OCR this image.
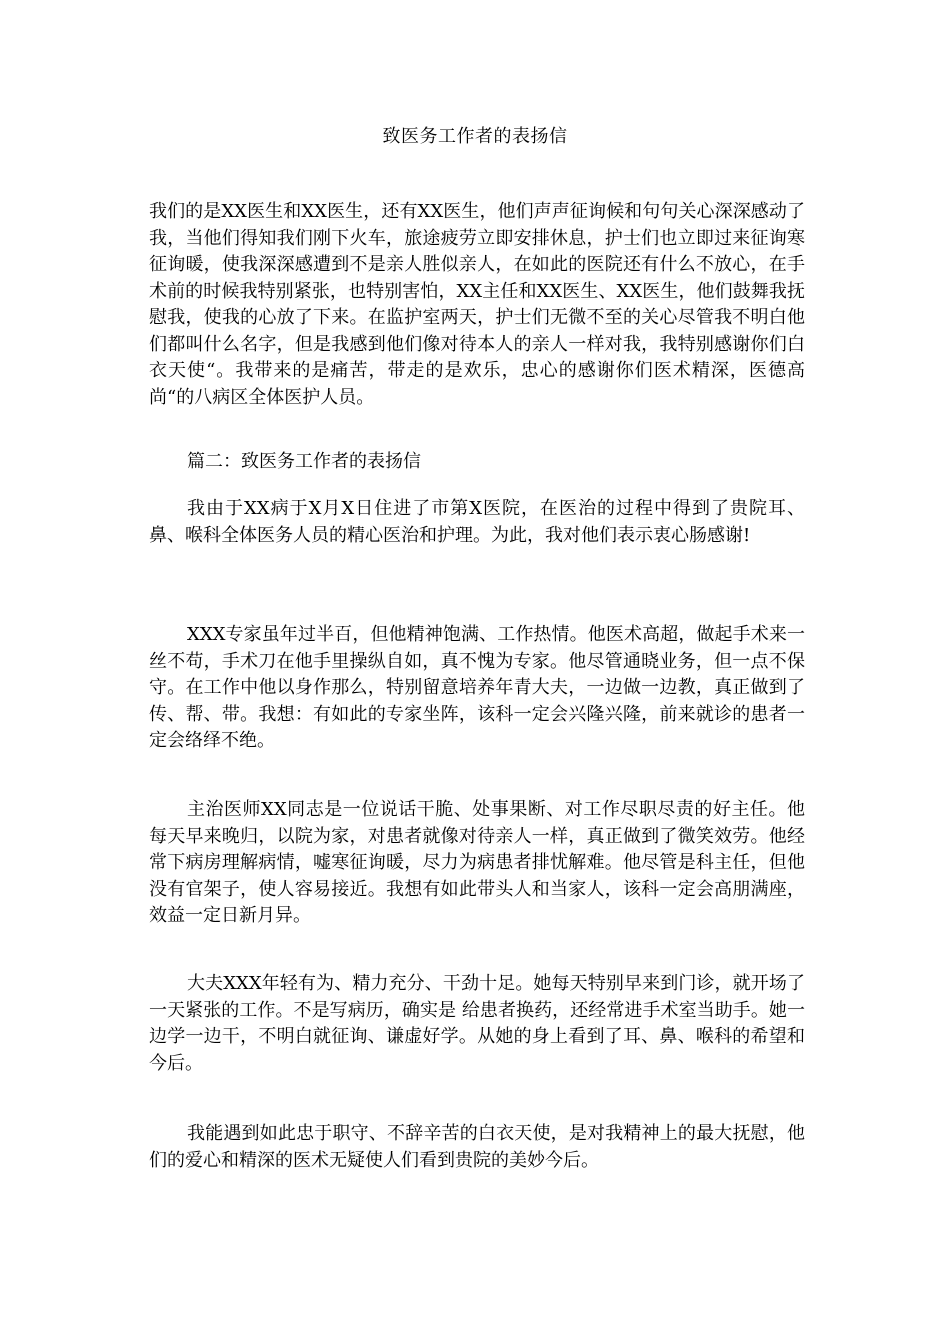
致医务工作者的表扬信

我们的是XX医生和XX医生，还有XX医生，他们声声征询候和句句关心深深感动了我，当他们得知我们刚下火车，旅途疲劳立即安排休息，护士们也立即过来征询寒征询暖，使我深深感遭到不是亲人胜似亲人，在如此的医院还有什么不放心，在手术前的时候我特别紧张，也特别害怕，XX主任和XX医生、XX医生，他们鼓舞我抚慰我，使我的心放了下来。在监护室两天，护士们无微不至的关心尽管我不明白他们都叫什么名字，但是我感到他们像对待本人的亲人一样对我，我特别感谢你们白衣天使“。我带来的是痛苦，带走的是欢乐，忠心的感谢你们医术精深，医德高尚“的八病区全体医护人员。

篇二：致医务工作者的表扬信

我由于XX病于X月X日住进了市第X医院，在医治的过程中得到了贵院耳、鼻、喉科全体医务人员的精心医治和护理。为此，我对他们表示衷心肠感谢!

XXX专家虽年过半百，但他精神饱满、工作热情。他医术高超，做起手术来一丝不苟，手术刀在他手里操纵自如，真不愧为专家。他尽管通晓业务，但一点不保守。在工作中他以身作那么，特别留意培养年青大夫，一边做一边教，真正做到了传、帮、带。我想：有如此的专家坐阵，该科一定会兴隆兴隆，前来就诊的患者一定会络绎不绝。

主治医师XX同志是一位说话干脆、处事果断、对工作尽职尽责的好主任。他每天早来晚归，以院为家，对患者就像对待亲人一样，真正做到了微笑效劳。他经常下病房理解病情，嘘寒征询暖，尽力为病患者排忧解难。他尽管是科主任，但他没有官架子，使人容易接近。我想有如此带头人和当家人，该科一定会高朋满座，效益一定日新月异。

大夫XXX年轻有为、精力充分、干劲十足。她每天特别早来到门诊，就开场了一天紧张的工作。不是写病历，确实是 给患者换药，还经常进手术室当助手。她一边学一边干，不明白就征询、谦虚好学。从她的身上看到了耳、鼻、喉科的希望和今后。

我能遇到如此忠于职守、不辞辛苦的白衣天使，是对我精神上的最大抚慰，他们的爱心和精深的医术无疑使人们看到贵院的美妙今后。
